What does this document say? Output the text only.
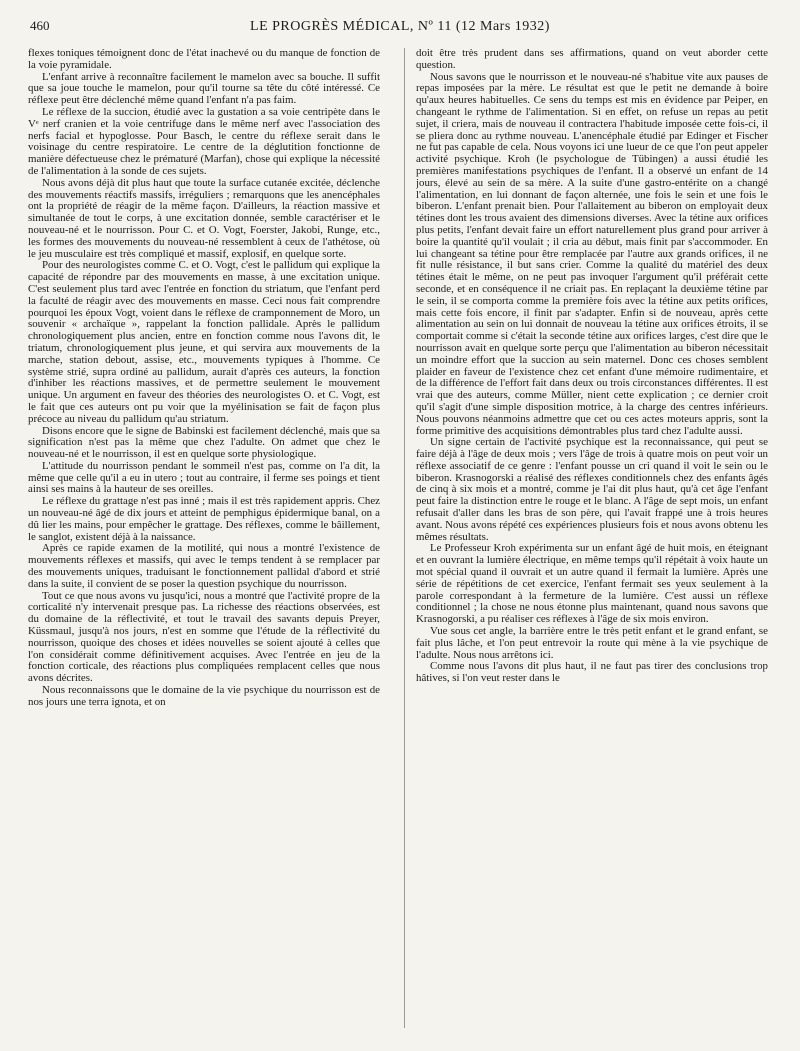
460	LE PROGRÈS MÉDICAL, Nº 11 (12 Mars 1932)

flexes toniques témoignent donc de l'état inachevé ou du manque de fonction de la voie pyramidale.

L'enfant arrive à reconnaître facilement le mamelon avec sa bouche. Il suffit que sa joue touche le mamelon, pour qu'il tourne sa tête du côté intéressé. Ce réflexe peut être déclenché même quand l'enfant n'a pas faim.

Le réflexe de la succion, étudié avec la gustation a sa voie centripète dans le Vᵉ nerf cranien et la voie centrifuge dans le même nerf avec l'association des nerfs facial et hypoglosse. Pour Basch, le centre du réflexe serait dans le voisinage du centre respiratoire. Le centre de la déglutition fonctionne de manière défectueuse chez le prématuré (Marfan), chose qui explique la nécessité de l'alimentation à la sonde de ces sujets.

Nous avons déjà dit plus haut que toute la surface cutanée excitée, déclenche des mouvements réactifs massifs, irréguliers ; remarquons que les anencéphales ont la propriété de réagir de la même façon. D'ailleurs, la réaction massive et simultanée de tout le corps, à une excitation donnée, semble caractériser et le nouveau-né et le nourrisson. Pour C. et O. Vogt, Foerster, Jakobi, Runge, etc., les formes des mouvements du nouveau-né ressemblent à ceux de l'athétose, où le jeu musculaire est très compliqué et massif, explosif, en quelque sorte.

Pour des neurologistes comme C. et O. Vogt, c'est le pallidum qui explique la capacité de répondre par des mouvements en masse, à une excitation unique. C'est seulement plus tard avec l'entrée en fonction du striatum, que l'enfant perd la faculté de réagir avec des mouvements en masse. Ceci nous fait comprendre pourquoi les époux Vogt, voient dans le réflexe de cramponnement de Moro, un souvenir « archaïque », rappelant la fonction pallidale. Après le pallidum chronologiquement plus ancien, entre en fonction comme nous l'avons dit, le triatum, chronologiquement plus jeune, et qui servira aux mouvements de la marche, station debout, assise, etc., mouvements typiques à l'homme. Ce système strié, supra ordiné au pallidum, aurait d'après ces auteurs, la fonction d'inhiber les réactions massives, et de permettre seulement le mouvement unique. Un argument en faveur des théories des neurologistes O. et C. Vogt, est le fait que ces auteurs ont pu voir que la myélinisation se fait de façon plus précoce au niveau du pallidum qu'au striatum.

Disons encore que le signe de Babinski est facilement déclenché, mais que sa signification n'est pas la même que chez l'adulte. On admet que chez le nouveau-né et le nourrisson, il est en quelque sorte physiologique.

L'attitude du nourrisson pendant le sommeil n'est pas, comme on l'a dit, la même que celle qu'il a eu in utero ; tout au contraire, il ferme ses poings et tient ainsi ses mains à la hauteur de ses oreilles.

Le réflexe du grattage n'est pas inné ; mais il est très rapidement appris. Chez un nouveau-né âgé de dix jours et atteint de pemphigus épidermique banal, on a dû lier les mains, pour empêcher le grattage. Des réflexes, comme le bâillement, le sanglot, existent déjà à la naissance.

Après ce rapide examen de la motilité, qui nous a montré l'existence de mouvements réflexes et massifs, qui avec le temps tendent à se remplacer par des mouvements uniques, traduisant le fonctionnement pallidal d'abord et strié dans la suite, il convient de se poser la question psychique du nourrisson.

Tout ce que nous avons vu jusqu'ici, nous a montré que l'activité propre de la corticalité n'y intervenait presque pas. La richesse des réactions observées, est du domaine de la réflectivité, et tout le travail des savants depuis Preyer, Küssmaul, jusqu'à nos jours, n'est en somme que l'étude de la réflectivité du nourrisson, quoique des choses et idées nouvelles se soient ajouté à celles que l'on considérait comme définitivement acquises. Avec l'entrée en jeu de la fonction corticale, des réactions plus compliquées remplacent celles que nous avons décrites.

Nous reconnaissons que le domaine de la vie psychique du nourrisson est de nos jours une terra ignota, et on

doit être très prudent dans ses affirmations, quand on veut aborder cette question.

Nous savons que le nourrisson et le nouveau-né s'habitue vite aux pauses de repas imposées par la mère. Le résultat est que le petit ne demande à boire qu'aux heures habituelles. Ce sens du temps est mis en évidence par Peiper, en changeant le rythme de l'alimentation. Si en effet, on refuse un repas au petit sujet, il criera, mais de nouveau il contractera l'habitude imposée cette fois-ci, il se pliera donc au rythme nouveau. L'anencéphale étudié par Edinger et Fischer ne fut pas capable de cela. Nous voyons ici une lueur de ce que l'on peut appeler activité psychique. Kroh (le psychologue de Tübingen) a aussi étudié les premières manifestations psychiques de l'enfant. Il a observé un enfant de 14 jours, élevé au sein de sa mère. A la suite d'une gastro-entérite on a changé l'alimentation, en lui donnant de façon alternée, une fois le sein et une fois le biberon. L'enfant prenait bien. Pour l'allaitement au biberon on employait deux tétines dont les trous avaient des dimensions diverses. Avec la tétine aux orifices plus petits, l'enfant devait faire un effort naturellement plus grand pour arriver à boire la quantité qu'il voulait ; il cria au début, mais finit par s'accommoder. En lui changeant sa tétine pour être remplacée par l'autre aux grands orifices, il ne fit nulle résistance, il but sans crier. Comme la qualité du matériel des deux tétines était le même, on ne peut pas invoquer l'argument qu'il préférait cette seconde, et en conséquence il ne criait pas. En replaçant la deuxième tétine par le sein, il se comporta comme la première fois avec la tétine aux petits orifices, mais cette fois encore, il finit par s'adapter. Enfin si de nouveau, après cette alimentation au sein on lui donnait de nouveau la tétine aux orifices étroits, il se comportait comme si c'était la seconde tétine aux orifices larges, c'est dire que le nourrisson avait en quelque sorte perçu que l'alimentation au biberon nécessitait un moindre effort que la succion au sein maternel. Donc ces choses semblent plaider en faveur de l'existence chez cet enfant d'une mémoire rudimentaire, et de la différence de l'effort fait dans deux ou trois circonstances différentes. Il est vrai que des auteurs, comme Müller, nient cette explication ; ce dernier croit qu'il s'agit d'une simple disposition motrice, à la charge des centres inférieurs. Nous pouvons néanmoins admettre que cet ou ces actes moteurs appris, sont la forme primitive des acquisitions démontrables plus tard chez l'adulte aussi.

Un signe certain de l'activité psychique est la reconnaissance, qui peut se faire déjà à l'âge de deux mois ; vers l'âge de trois à quatre mois on peut voir un réflexe associatif de ce genre : l'enfant pousse un cri quand il voit le sein ou le biberon. Krasnogorski a réalisé des réflexes conditionnels chez des enfants âgés de cinq à six mois et a montré, comme je l'ai dit plus haut, qu'à cet âge l'enfant peut faire la distinction entre le rouge et le blanc. A l'âge de sept mois, un enfant refusait d'aller dans les bras de son père, qui l'avait frappé une à trois heures avant. Nous avons répété ces expériences plusieurs fois et nous avons obtenu les mêmes résultats.

Le Professeur Kroh expérimenta sur un enfant âgé de huit mois, en éteignant et en ouvrant la lumière électrique, en même temps qu'il répétait à voix haute un mot spécial quand il ouvrait et un autre quand il fermait la lumière. Après une série de répétitions de cet exercice, l'enfant fermait ses yeux seulement à la parole correspondant à la fermeture de la lumière. C'est aussi un réflexe conditionnel ; la chose ne nous étonne plus maintenant, quand nous savons que Krasnogorski, a pu réaliser ces réflexes à l'âge de six mois environ.

Vue sous cet angle, la barrière entre le très petit enfant et le grand enfant, se fait plus lâche, et l'on peut entrevoir la route qui mène à la vie psychique de l'adulte. Nous nous arrêtons ici.

Comme nous l'avons dit plus haut, il ne faut pas tirer des conclusions trop hâtives, si l'on veut rester dans le
